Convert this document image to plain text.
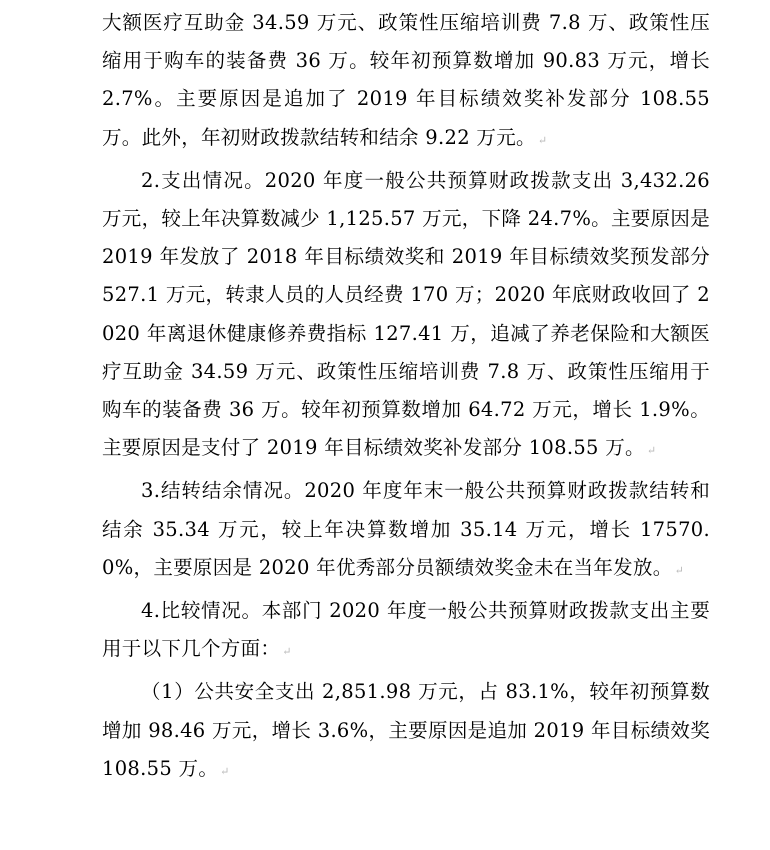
大额医疗互助金 34.59 万元、政策性压缩培训费 7.8 万、政策性压缩用于购车的装备费 36 万。较年初预算数增加 90.83 万元，增长 2.7%。主要原因是追加了 2019 年目标绩效奖补发部分 108.55 万。此外，年初财政拨款结转和结余 9.22 万元。 ↵

2.支出情况。2020 年度一般公共预算财政拨款支出 3,432.26 万元，较上年决算数减少 1,125.57 万元，下降 24.7%。主要原因是 2019 年发放了 2018 年目标绩效奖和 2019 年目标绩效奖预发部分 527.1 万元，转隶人员的人员经费 170 万；2020 年底财政收回了 2020 年离退休健康修养费指标 127.41 万，追减了养老保险和大额医疗互助金 34.59 万元、政策性压缩培训费 7.8 万、政策性压缩用于购车的装备费 36 万。较年初预算数增加 64.72 万元，增长 1.9%。主要原因是支付了 2019 年目标绩效奖补发部分 108.55 万。 ↵

3.结转结余情况。2020 年度年末一般公共预算财政拨款结转和结余 35.34 万元，较上年决算数增加 35.14 万元，增长 17570.0%，主要原因是 2020 年优秀部分员额绩效奖金未在当年发放。 ↵

4.比较情况。本部门 2020 年度一般公共预算财政拨款支出主要用于以下几个方面： ↵

（1）公共安全支出 2,851.98 万元，占 83.1%，较年初预算数增加 98.46 万元，增长 3.6%，主要原因是追加 2019 年目标绩效奖 108.55 万。 ↵
